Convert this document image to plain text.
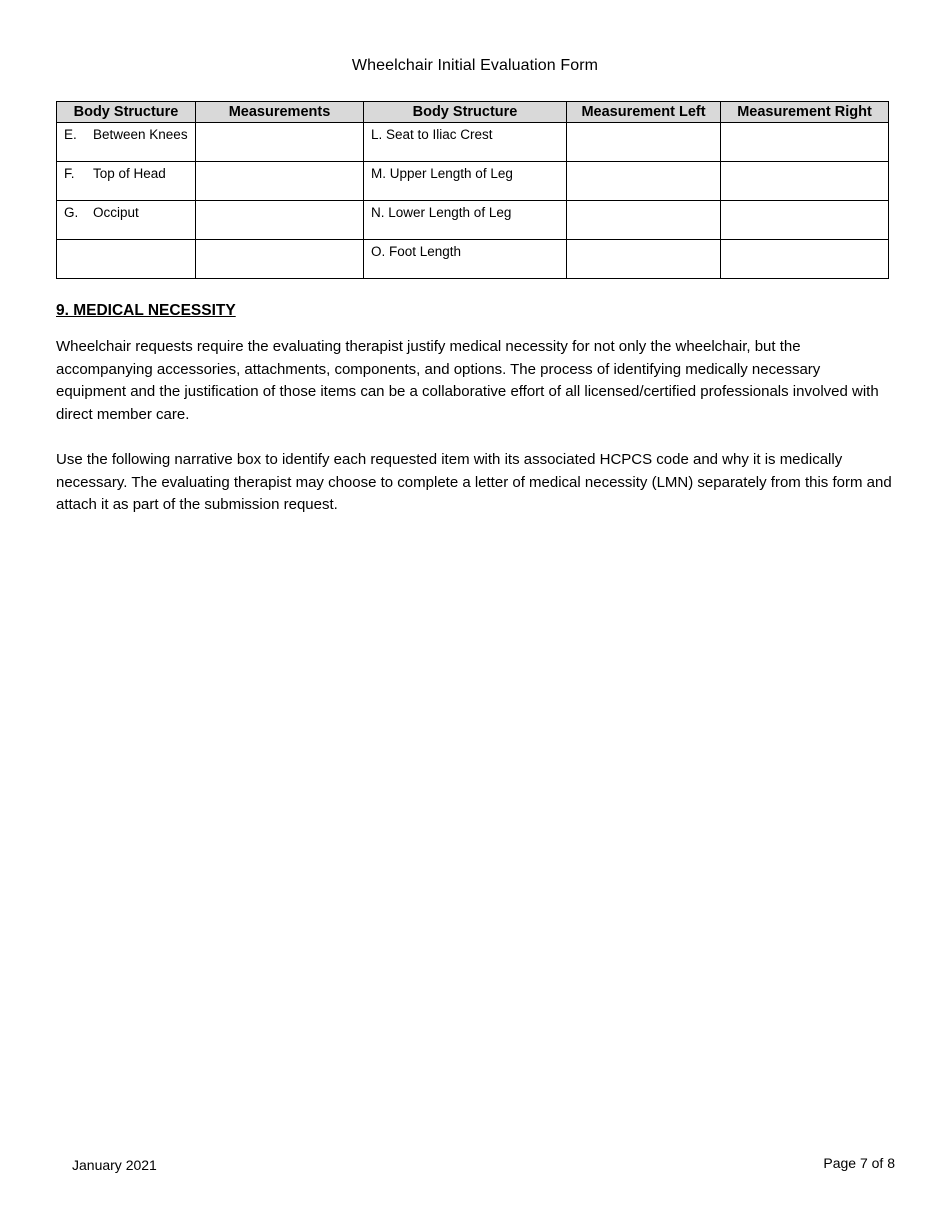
Wheelchair Initial Evaluation Form
Body Structure	Measurements	Body Structure	Measurement Left	Measurement Right

E. Between Knees		L. Seat to Iliac Crest		

F. Top of Head		M. Upper Length of Leg		

G. Occiput		N. Lower Length of Leg		

		O. Foot Length		
9. MEDICAL NECESSITY

Wheelchair requests require the evaluating therapist justify medical necessity for not only the wheelchair, but the accompanying accessories, attachments, components, and options. The process of identifying medically necessary equipment and the justification of those items can be a collaborative effort of all licensed/certified professionals involved with direct member care.

Use the following narrative box to identify each requested item with its associated HCPCS code and why it is medically necessary. The evaluating therapist may choose to complete a letter of medical necessity (LMN) separately from this form and attach it as part of the submission request.

January 2021	Page 7 of 8
